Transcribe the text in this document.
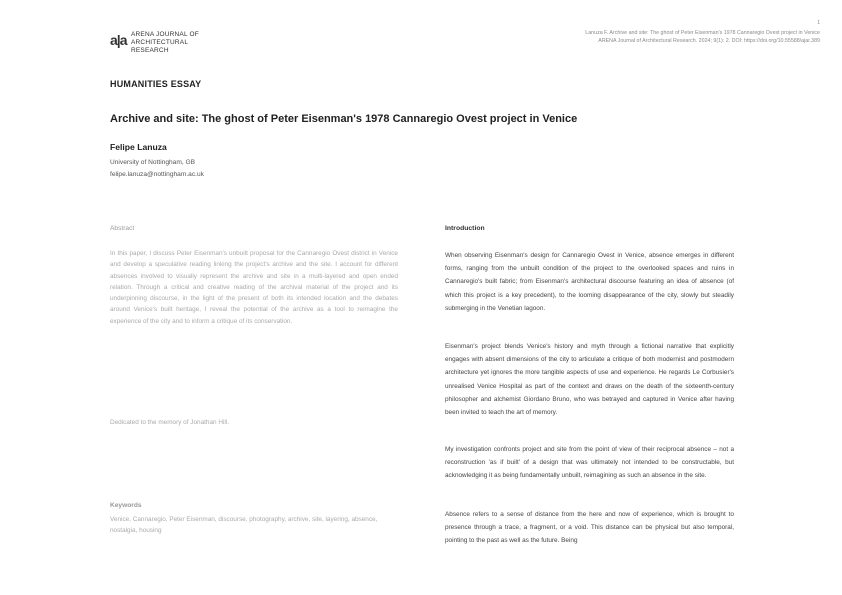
a|a ARENA JOURNAL OF
ARCHITECTURAL RESEARCH
1
Lanuza F. Archive and site: The ghost of Peter Eisenman's 1978 Cannaregio Ovest project in Venice
ARENA Journal of Architectural Research. 2024; 9(1): 2. DOI: https://doi.org/10.55588/ajar.389
HUMANITIES ESSAY
Archive and site: The ghost of Peter Eisenman's 1978 Cannaregio Ovest project in Venice
Felipe Lanuza
University of Nottingham, GB
felipe.lanuza@nottingham.ac.uk
Abstract
In this paper, I discuss Peter Eisenman's unbuilt proposal for the Cannaregio Ovest district in Venice and develop a speculative reading linking the project's archive and the site. I account for different absences involved to visually represent the archive and site in a multi-layered and open ended relation. Through a critical and creative reading of the archival material of the project and its underpinning discourse, in the light of the present of both its intended location and the debates around Venice's built heritage, I reveal the potential of the archive as a tool to reimagine the experience of the city and to inform a critique of its conservation.
Dedicated to the memory of Jonathan Hill.
Keywords
Venice, Cannaregio, Peter Eisenman, discourse, photography, archive, site, layering, absence, nostalgia, housing
Introduction
When observing Eisenman's design for Cannaregio Ovest in Venice, absence emerges in different forms, ranging from the unbuilt condition of the project to the overlooked spaces and ruins in Cannaregio's built fabric; from Eisenman's architectural discourse featuring an idea of absence (of which this project is a key precedent), to the looming disappearance of the city, slowly but steadily submerging in the Venetian lagoon.
Eisenman's project blends Venice's history and myth through a fictional narrative that explicitly engages with absent dimensions of the city to articulate a critique of both modernist and postmodern architecture yet ignores the more tangible aspects of use and experience. He regards Le Corbusier's unrealised Venice Hospital as part of the context and draws on the death of the sixteenth-century philosopher and alchemist Giordano Bruno, who was betrayed and captured in Venice after having been invited to teach the art of memory.
My investigation confronts project and site from the point of view of their reciprocal absence – not a reconstruction 'as if built' of a design that was ultimately not intended to be constructable, but acknowledging it as being fundamentally unbuilt, reimagining as such an absence in the site.
Absence refers to a sense of distance from the here and now of experience, which is brought to presence through a trace, a fragment, or a void. This distance can be physical but also temporal, pointing to the past as well as the future. Being
